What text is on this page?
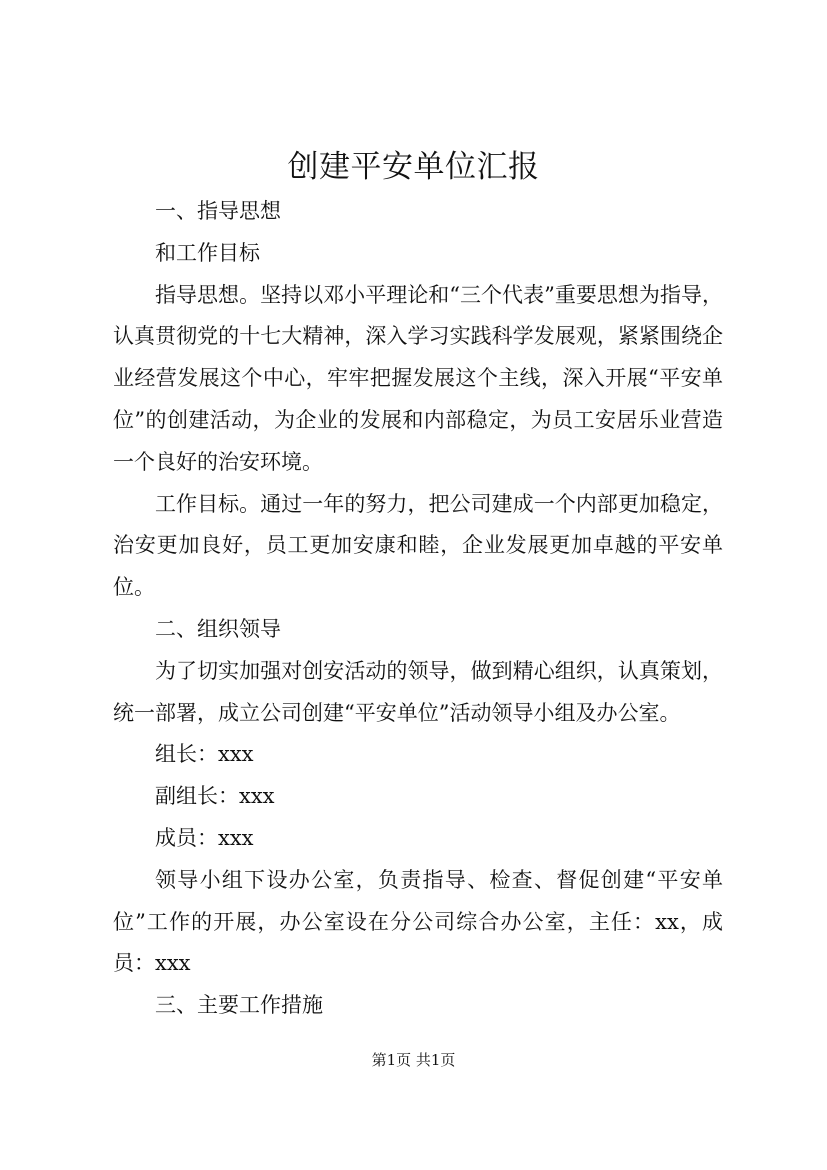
创建平安单位汇报

一、指导思想

和工作目标

指导思想。坚持以邓小平理论和“三个代表”重要思想为指导，认真贯彻党的十七大精神，深入学习实践科学发展观，紧紧围绕企业经营发展这个中心，牢牢把握发展这个主线，深入开展“平安单位”的创建活动，为企业的发展和内部稳定，为员工安居乐业营造一个良好的治安环境。

工作目标。通过一年的努力，把公司建成一个内部更加稳定，治安更加良好，员工更加安康和睦，企业发展更加卓越的平安单位。

二、组织领导

为了切实加强对创安活动的领导，做到精心组织，认真策划，统一部署，成立公司创建“平安单位”活动领导小组及办公室。

组长：xxx

副组长：xxx

成员：xxx

领导小组下设办公室，负责指导、检查、督促创建“平安单位”工作的开展，办公室设在分公司综合办公室，主任：xx，成员：xxx

三、主要工作措施

第1页 共1页
